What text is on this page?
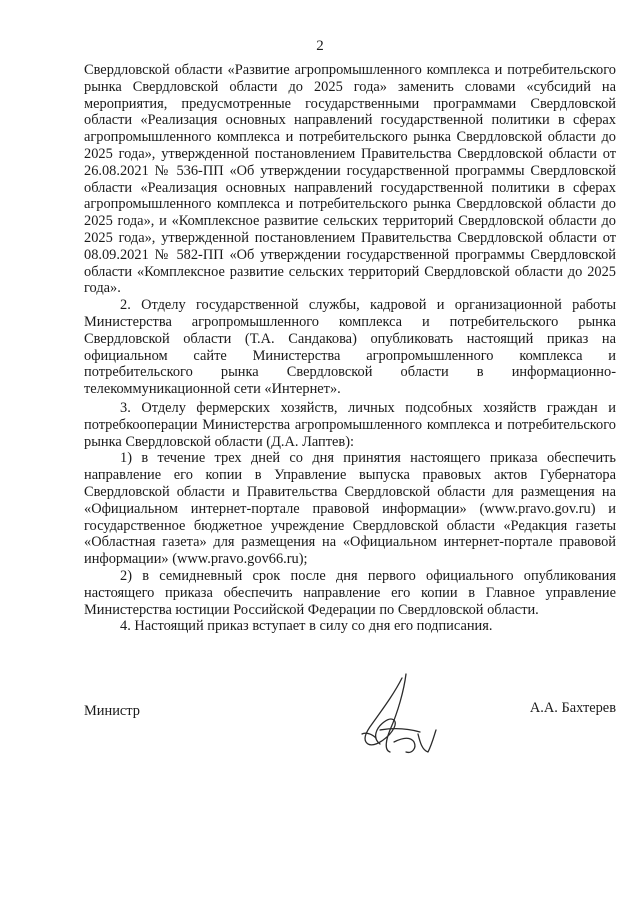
2

Свердловской области «Развитие агропромышленного комплекса и потребительского рынка Свердловской области до 2025 года» заменить словами «субсидий на мероприятия, предусмотренные государственными программами Свердловской области «Реализация основных направлений государственной политики в сферах агропромышленного комплекса и потребительского рынка Свердловской области до 2025 года», утвержденной постановлением Правительства Свердловской области от 26.08.2021 № 536-ПП «Об утверждении государственной программы Свердловской области «Реализация основных направлений государственной политики в сферах агропромышленного комплекса и потребительского рынка Свердловской области до 2025 года», и «Комплексное развитие сельских территорий Свердловской области до 2025 года», утвержденной постановлением Правительства Свердловской области от 08.09.2021 № 582-ПП «Об утверждении государственной программы Свердловской области «Комплексное развитие сельских территорий Свердловской области до 2025 года».

2. Отделу государственной службы, кадровой и организационной работы Министерства агропромышленного комплекса и потребительского рынка Свердловской области (Т.А. Сандакова) опубликовать настоящий приказ на официальном сайте Министерства агропромышленного комплекса и потребительского рынка Свердловской области в информационно-телекоммуникационной сети «Интернет».

3. Отделу фермерских хозяйств, личных подсобных хозяйств граждан и потребкооперации Министерства агропромышленного комплекса и потребительского рынка Свердловской области (Д.А. Лаптев):

1) в течение трех дней со дня принятия настоящего приказа обеспечить направление его копии в Управление выпуска правовых актов Губернатора Свердловской области и Правительства Свердловской области для размещения на «Официальном интернет-портале правовой информации» (www.pravo.gov.ru) и государственное бюджетное учреждение Свердловской области «Редакция газеты «Областная газета» для размещения на «Официальном интернет-портале правовой информации» (www.pravo.gov66.ru);

2) в семидневный срок после дня первого официального опубликования настоящего приказа обеспечить направление его копии в Главное управление Министерства юстиции Российской Федерации по Свердловской области.

4. Настоящий приказ вступает в силу со дня его подписания.

Министр	А.А. Бахтерев
